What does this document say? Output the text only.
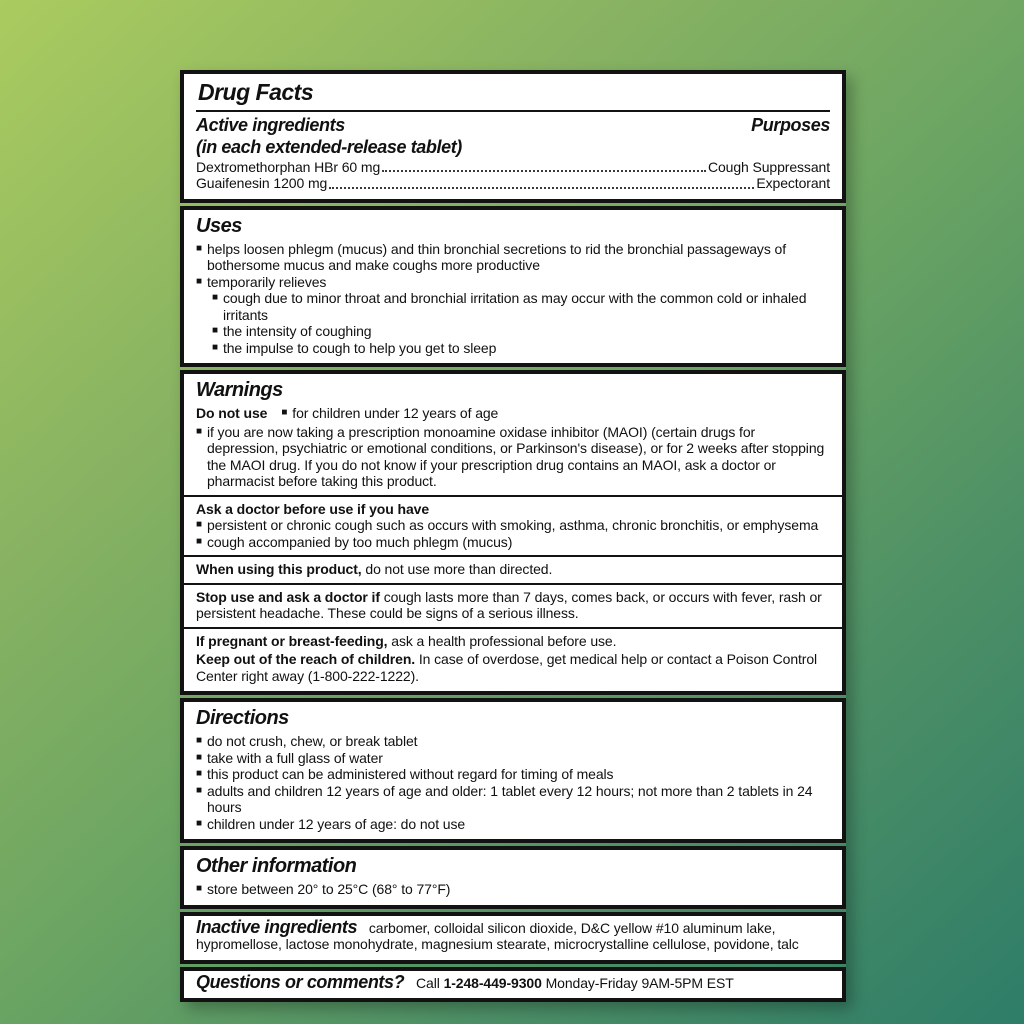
Drug Facts
Active ingredients	Purposes
(in each extended-release tablet)
Dextromethorphan HBr 60 mg	Cough Suppressant
Guaifenesin 1200 mg	Expectorant
Uses
■ helps loosen phlegm (mucus) and thin bronchial secretions to rid the bronchial passageways of bothersome mucus and make coughs more productive
■ temporarily relieves
■ cough due to minor throat and bronchial irritation as may occur with the common cold or inhaled irritants
■ the intensity of coughing
■ the impulse to cough to help you get to sleep
Warnings
Do not use ■ for children under 12 years of age
■ if you are now taking a prescription monoamine oxidase inhibitor (MAOI) (certain drugs for depression, psychiatric or emotional conditions, or Parkinson's disease), or for 2 weeks after stopping the MAOI drug. If you do not know if your prescription drug contains an MAOI, ask a doctor or pharmacist before taking this product.

Ask a doctor before use if you have

■ persistent or chronic cough such as occurs with smoking, asthma, chronic bronchitis, or emphysema
■ cough accompanied by too much phlegm (mucus)

When using this product, do not use more than directed.

Stop use and ask a doctor if cough lasts more than 7 days, comes back, or occurs with fever, rash or persistent headache. These could be signs of a serious illness.

If pregnant or breast-feeding, ask a health professional before use.

Keep out of the reach of children. In case of overdose, get medical help or contact a Poison Control Center right away (1-800-222-1222).

Directions
■ do not crush, chew, or break tablet
■ take with a full glass of water
■ this product can be administered without regard for timing of meals
■ adults and children 12 years of age and older: 1 tablet every 12 hours; not more than 2 tablets in 24 hours
■ children under 12 years of age: do not use
Other information
■ store between 20° to 25°C (68° to 77°F)

Inactive ingredients carbomer, colloidal silicon dioxide, D&C yellow #10 aluminum lake, hypromellose, lactose monohydrate, magnesium stearate, microcrystalline cellulose, povidone, talc

Questions or comments? Call 1-248-449-9300 Monday-Friday 9AM-5PM EST
